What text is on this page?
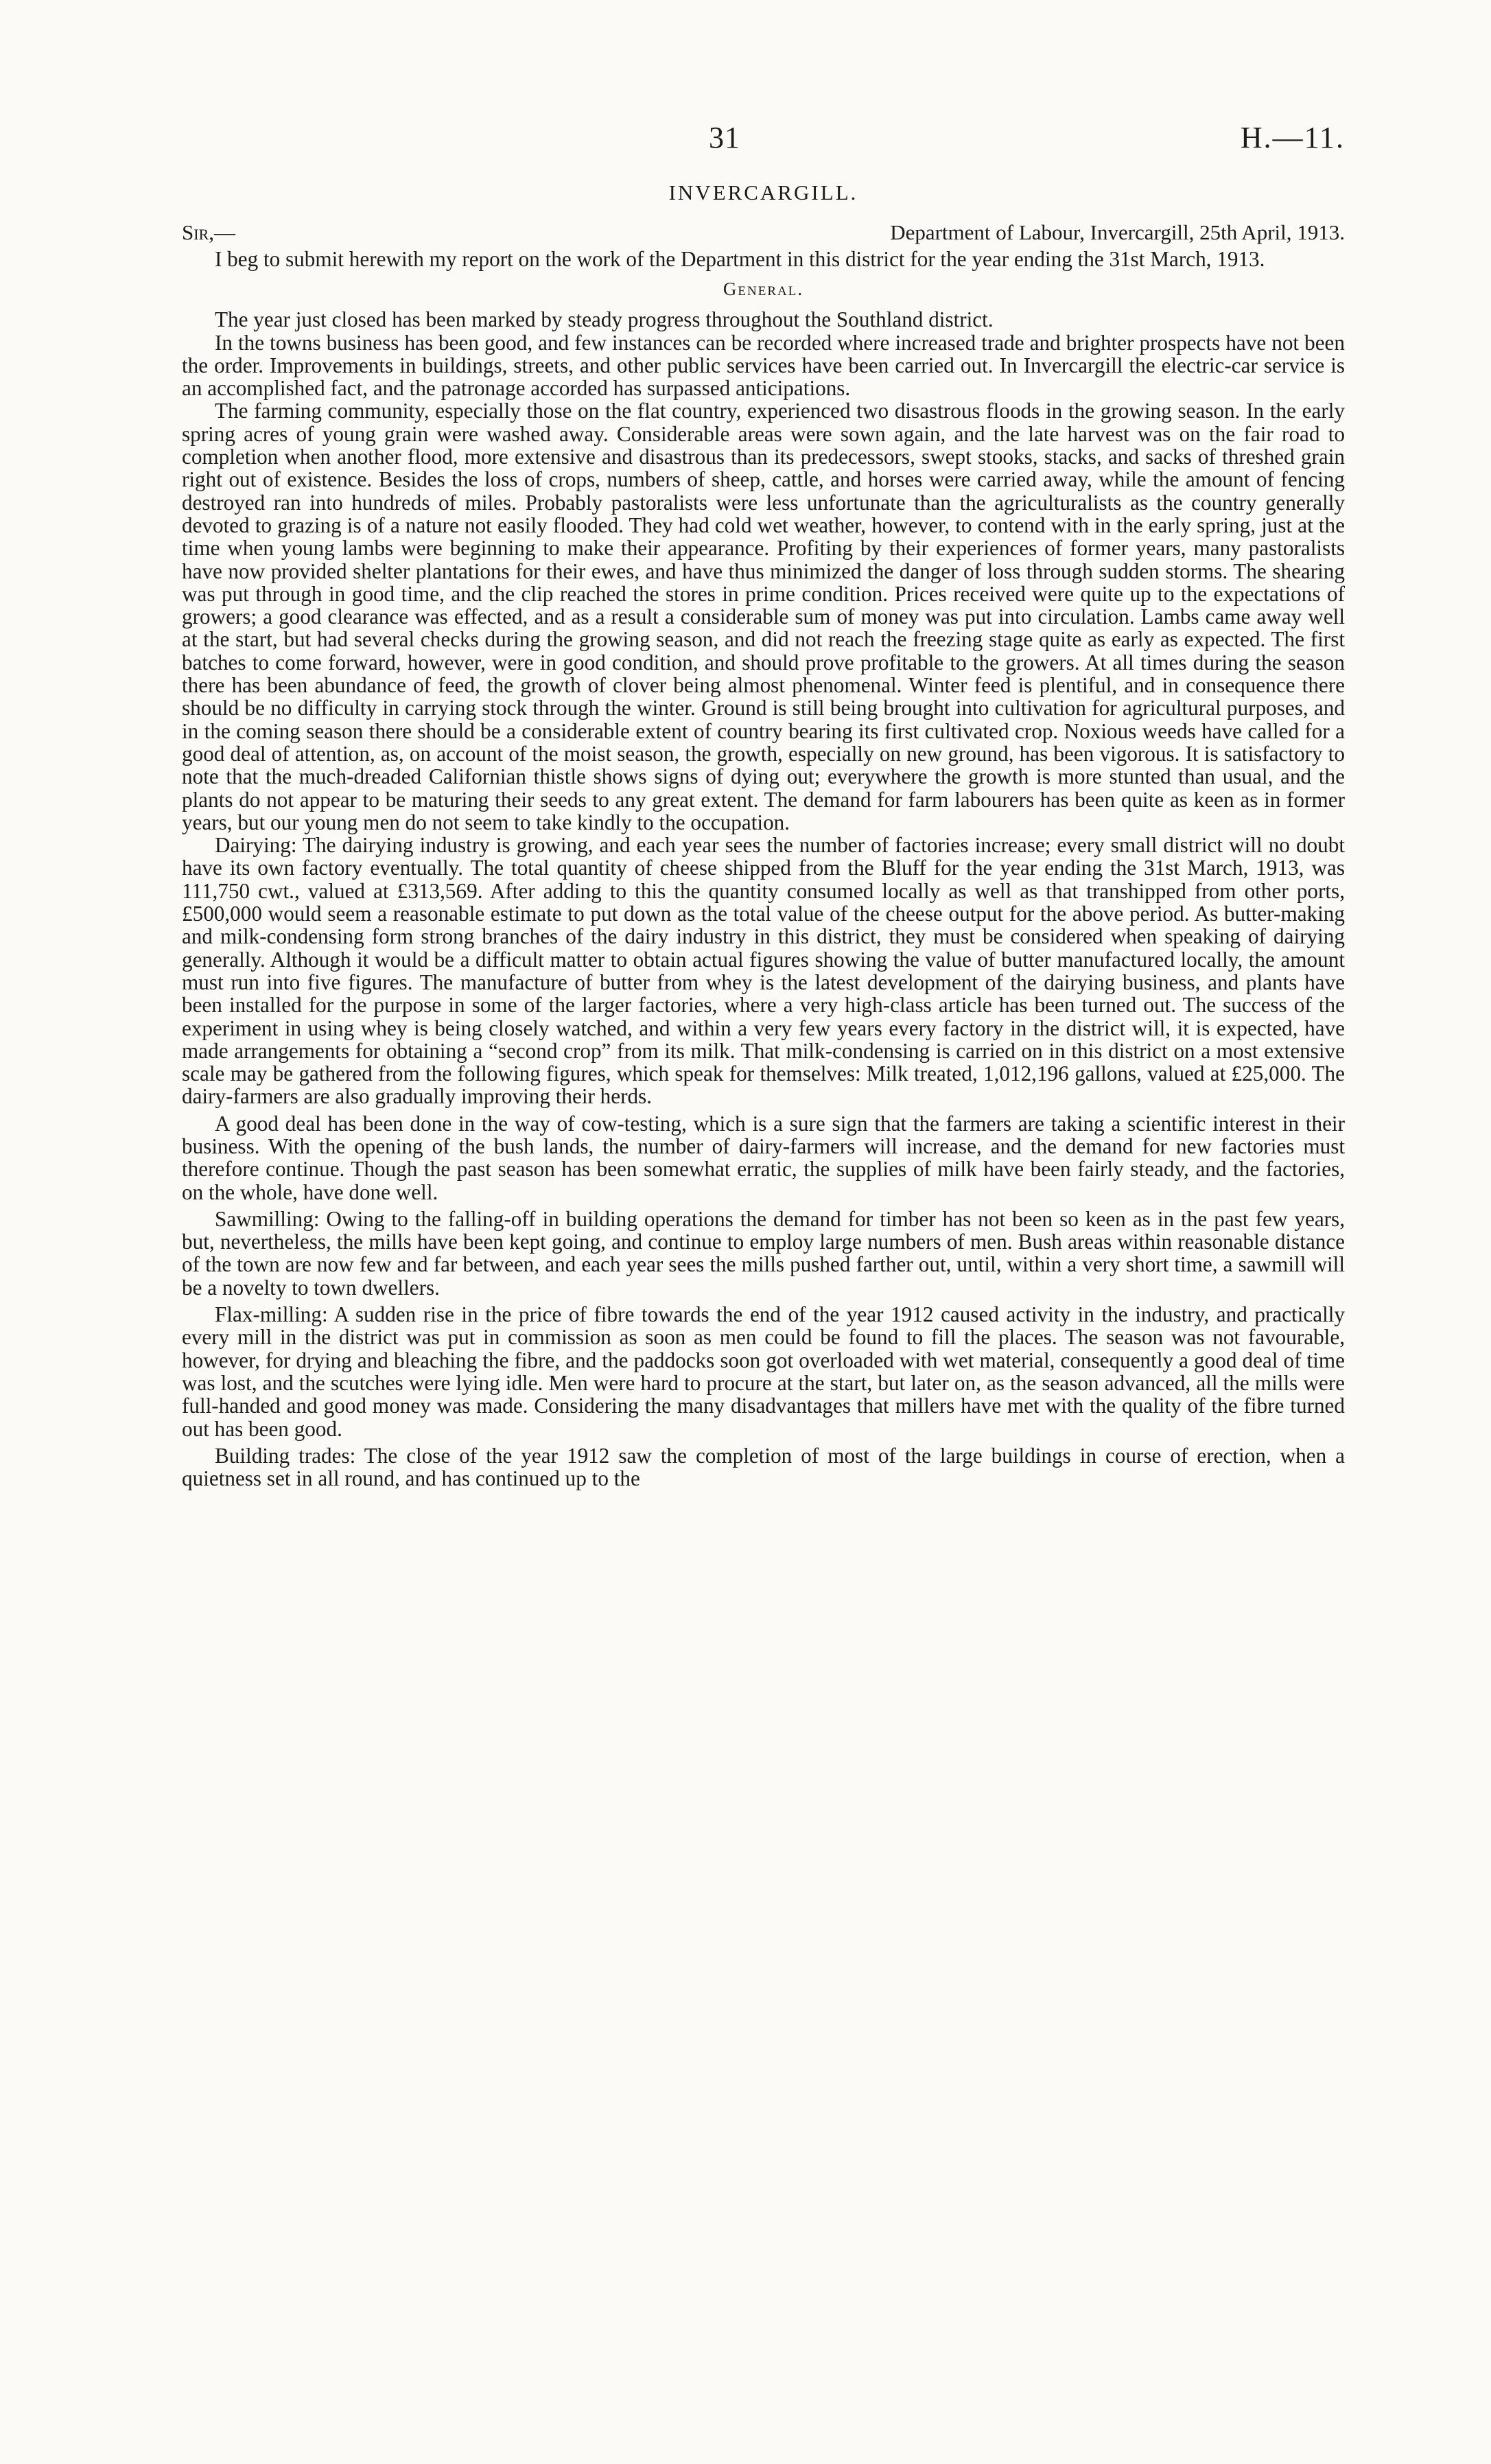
31	H.—11.
INVERCARGILL.
Sir,—	Department of Labour, Invercargill, 25th April, 1913.

I beg to submit herewith my report on the work of the Department in this district for the year ending the 31st March, 1913.

General.

The year just closed has been marked by steady progress throughout the Southland district.

In the towns business has been good, and few instances can be recorded where increased trade and brighter prospects have not been the order. Improvements in buildings, streets, and other public services have been carried out. In Invercargill the electric-car service is an accomplished fact, and the patronage accorded has surpassed anticipations.

The farming community, especially those on the flat country, experienced two disastrous floods in the growing season. In the early spring acres of young grain were washed away. Considerable areas were sown again, and the late harvest was on the fair road to completion when another flood, more extensive and disastrous than its predecessors, swept stooks, stacks, and sacks of threshed grain right out of existence. Besides the loss of crops, numbers of sheep, cattle, and horses were carried away, while the amount of fencing destroyed ran into hundreds of miles. Probably pastoralists were less unfortunate than the agriculturalists as the country generally devoted to grazing is of a nature not easily flooded. They had cold wet weather, however, to contend with in the early spring, just at the time when young lambs were beginning to make their appearance. Profiting by their experiences of former years, many pastoralists have now provided shelter plantations for their ewes, and have thus minimized the danger of loss through sudden storms. The shearing was put through in good time, and the clip reached the stores in prime condition. Prices received were quite up to the expectations of growers; a good clearance was effected, and as a result a considerable sum of money was put into circulation. Lambs came away well at the start, but had several checks during the growing season, and did not reach the freezing stage quite as early as expected. The first batches to come forward, however, were in good condition, and should prove profitable to the growers. At all times during the season there has been abundance of feed, the growth of clover being almost phenomenal. Winter feed is plentiful, and in consequence there should be no difficulty in carrying stock through the winter. Ground is still being brought into cultivation for agricultural purposes, and in the coming season there should be a considerable extent of country bearing its first cultivated crop. Noxious weeds have called for a good deal of attention, as, on account of the moist season, the growth, especially on new ground, has been vigorous. It is satisfactory to note that the much-dreaded Californian thistle shows signs of dying out; everywhere the growth is more stunted than usual, and the plants do not appear to be maturing their seeds to any great extent. The demand for farm labourers has been quite as keen as in former years, but our young men do not seem to take kindly to the occupation.

Dairying: The dairying industry is growing, and each year sees the number of factories increase; every small district will no doubt have its own factory eventually. The total quantity of cheese shipped from the Bluff for the year ending the 31st March, 1913, was 111,750 cwt., valued at £313,569. After adding to this the quantity consumed locally as well as that transhipped from other ports, £500,000 would seem a reasonable estimate to put down as the total value of the cheese output for the above period. As butter-making and milk-condensing form strong branches of the dairy industry in this district, they must be considered when speaking of dairying generally. Although it would be a difficult matter to obtain actual figures showing the value of butter manufactured locally, the amount must run into five figures. The manufacture of butter from whey is the latest development of the dairying business, and plants have been installed for the purpose in some of the larger factories, where a very high-class article has been turned out. The success of the experiment in using whey is being closely watched, and within a very few years every factory in the district will, it is expected, have made arrangements for obtaining a “second crop” from its milk. That milk-condensing is carried on in this district on a most extensive scale may be gathered from the following figures, which speak for themselves: Milk treated, 1,012,196 gallons, valued at £25,000. The dairy-farmers are also gradually improving their herds.

A good deal has been done in the way of cow-testing, which is a sure sign that the farmers are taking a scientific interest in their business. With the opening of the bush lands, the number of dairy-farmers will increase, and the demand for new factories must therefore continue. Though the past season has been somewhat erratic, the supplies of milk have been fairly steady, and the factories, on the whole, have done well.

Sawmilling: Owing to the falling-off in building operations the demand for timber has not been so keen as in the past few years, but, nevertheless, the mills have been kept going, and continue to employ large numbers of men. Bush areas within reasonable distance of the town are now few and far between, and each year sees the mills pushed farther out, until, within a very short time, a sawmill will be a novelty to town dwellers.

Flax-milling: A sudden rise in the price of fibre towards the end of the year 1912 caused activity in the industry, and practically every mill in the district was put in commission as soon as men could be found to fill the places. The season was not favourable, however, for drying and bleaching the fibre, and the paddocks soon got overloaded with wet material, consequently a good deal of time was lost, and the scutches were lying idle. Men were hard to procure at the start, but later on, as the season advanced, all the mills were full-handed and good money was made. Considering the many disadvantages that millers have met with the quality of the fibre turned out has been good.

Building trades: The close of the year 1912 saw the completion of most of the large buildings in course of erection, when a quietness set in all round, and has continued up to the
